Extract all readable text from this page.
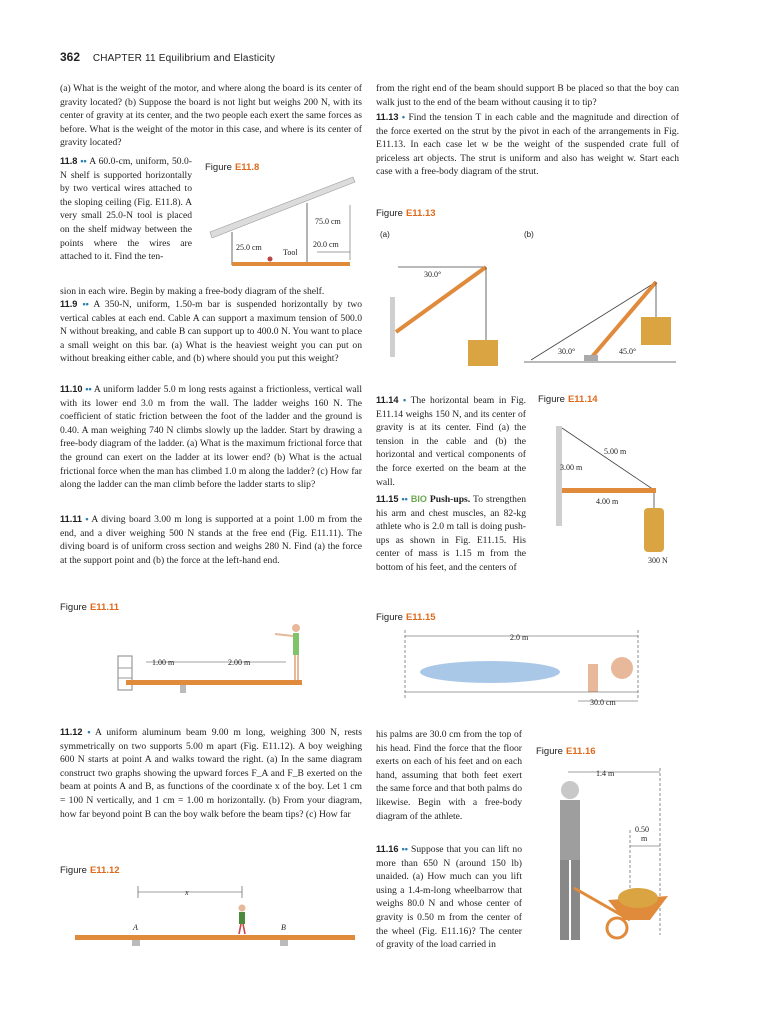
362 CHAPTER 11 Equilibrium and Elasticity

(a) What is the weight of the motor, and where along the board is its center of gravity located? (b) Suppose the board is not light but weighs 200 N, with its center of gravity at its center, and the two people each exert the same forces as before. What is the weight of the motor in this case, and where is its center of gravity located?

11.8 •• A 60.0-cm, uniform, 50.0-N shelf is supported horizontally by two vertical wires attached to the sloping ceiling (Fig. E11.8). A very small 25.0-N tool is placed on the shelf midway between the points where the wires are attached to it. Find the ten-

sion in each wire. Begin by making a free-body diagram of the shelf.

Figure E11.8
75.0 cm
25.0 cm	20.0 cm
Tool

11.9 •• A 350-N, uniform, 1.50-m bar is suspended horizontally by two vertical cables at each end. Cable A can support a maximum tension of 500.0 N without breaking, and cable B can support up to 400.0 N. You want to place a small weight on this bar. (a) What is the heaviest weight you can put on without breaking either cable, and (b) where should you put this weight?

11.10 •• A uniform ladder 5.0 m long rests against a frictionless, vertical wall with its lower end 3.0 m from the wall. The ladder weighs 160 N. The coefficient of static friction between the foot of the ladder and the ground is 0.40. A man weighing 740 N climbs slowly up the ladder. Start by drawing a free-body diagram of the ladder. (a) What is the maximum frictional force that the ground can exert on the ladder at its lower end? (b) What is the actual frictional force when the man has climbed 1.0 m along the ladder? (c) How far along the ladder can the man climb before the ladder starts to slip?

11.11 • A diving board 3.00 m long is supported at a point 1.00 m from the end, and a diver weighing 500 N stands at the free end (Fig. E11.11). The diving board is of uniform cross section and weighs 280 N. Find (a) the force at the support point and (b) the force at the left-hand end.

Figure E11.11
1.00 m	2.00 m

11.12 • A uniform aluminum beam 9.00 m long, weighing 300 N, rests symmetrically on two supports 5.00 m apart (Fig. E11.12). A boy weighing 600 N starts at point A and walks toward the right. (a) In the same diagram construct two graphs showing the upward forces F_A and F_B exerted on the beam at points A and B, as functions of the coordinate x of the boy. Let 1 cm = 100 N vertically, and 1 cm = 1.00 m horizontally. (b) From your diagram, how far beyond point B can the boy walk before the beam tips? (c) How far

Figure E11.12
x
A	B

from the right end of the beam should support B be placed so that the boy can walk just to the end of the beam without causing it to tip?

11.13 • Find the tension T in each cable and the magnitude and direction of the force exerted on the strut by the pivot in each of the arrangements in Fig. E11.13. In each case let w be the weight of the suspended crate full of priceless art objects. The strut is uniform and also has weight w. Start each case with a free-body diagram of the strut.

Figure E11.13
(a)	(b)
30.0°
30.0°	45.0°

11.14 • The horizontal beam in Fig. E11.14 weighs 150 N, and its center of gravity is at its center. Find (a) the tension in the cable and (b) the horizontal and vertical components of the force exerted on the beam at the wall.

11.15 •• BIO Push-ups. To strengthen his arm and chest muscles, an 82-kg athlete who is 2.0 m tall is doing push-ups as shown in Fig. E11.15. His center of mass is 1.15 m from the bottom of his feet, and the centers of

Figure E11.14
5.00 m
3.00 m
4.00 m
300 N
Figure E11.15
2.0 m
30.0 cm

his palms are 30.0 cm from the top of his head. Find the force that the floor exerts on each of his feet and on each hand, assuming that both feet exert the same force and that both palms do likewise. Begin with a free-body diagram of the athlete.

11.16 •• Suppose that you can lift no more than 650 N (around 150 lb) unaided. (a) How much can you lift using a 1.4-m-long wheelbarrow that weighs 80.0 N and whose center of gravity is 0.50 m from the center of the wheel (Fig. E11.16)? The center of gravity of the load carried in

Figure E11.16
1.4 m
0.50
m
